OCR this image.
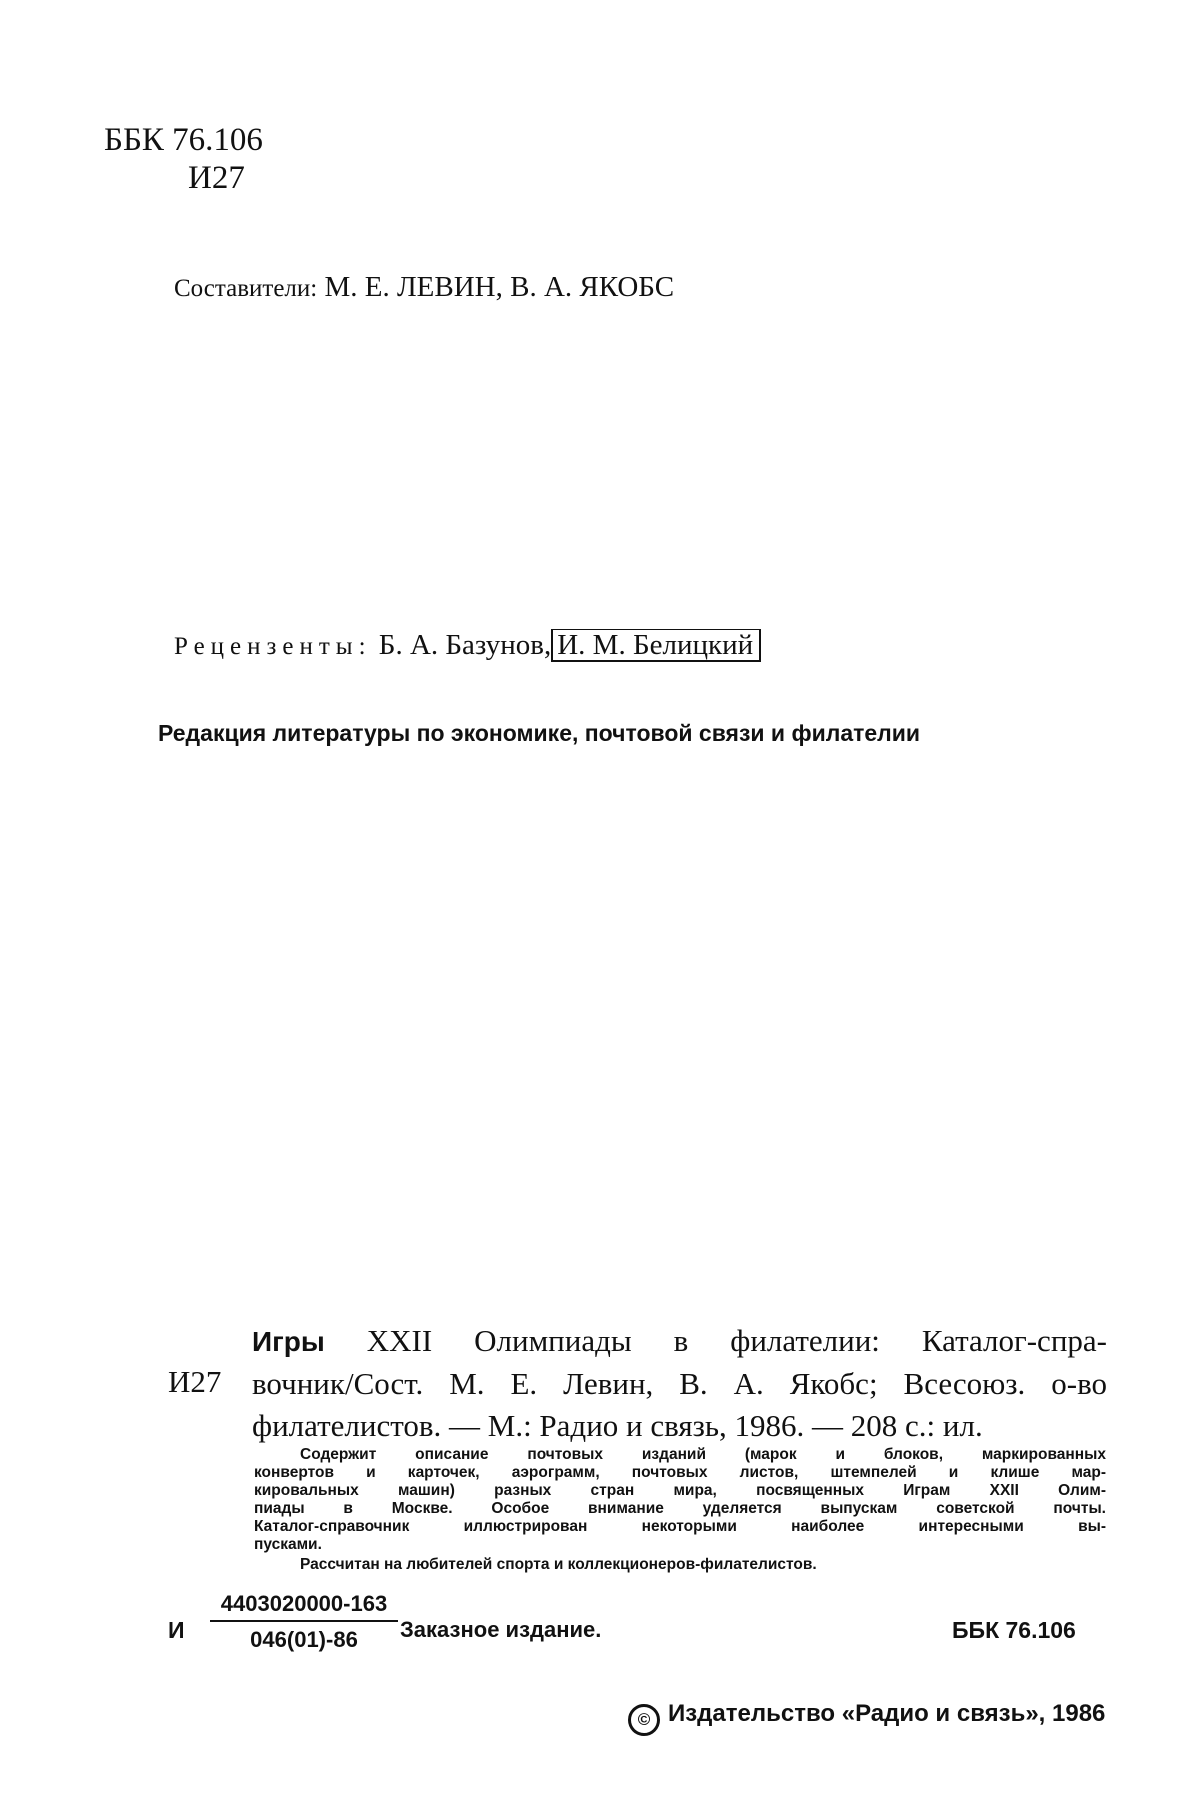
ББК 76.106
И27
Составители: М. Е. ЛЕВИН, В. А. ЯКОБС
Рецензенты: Б. А. Базунов, И. М. Белицкий
Редакция литературы по экономике, почтовой связи и филателии
И27
Игры XXII Олимпиады в филателии: Каталог-спра-
вочник/Сост. М. Е. Левин, В. А. Якобс; Всесоюз. о-во
филателистов. — М.: Радио и связь, 1986. — 208 с.: ил.
Содержит описание почтовых изданий (марок и блоков, маркированных
конвертов и карточек, аэрограмм, почтовых листов, штемпелей и клише мар-
кировальных машин) разных стран мира, посвященных Играм XXII Олим-
пиады в Москве. Особое внимание уделяется выпускам советской почты.
Каталог-справочник иллюстрирован некоторыми наиболее интересными вы-
пусками.
Рассчитан на любителей спорта и коллекционеров-филателистов.
И
4403020000-163
046(01)-86	Заказное издание.	ББК 76.106
© Издательство «Радио и связь», 1986
